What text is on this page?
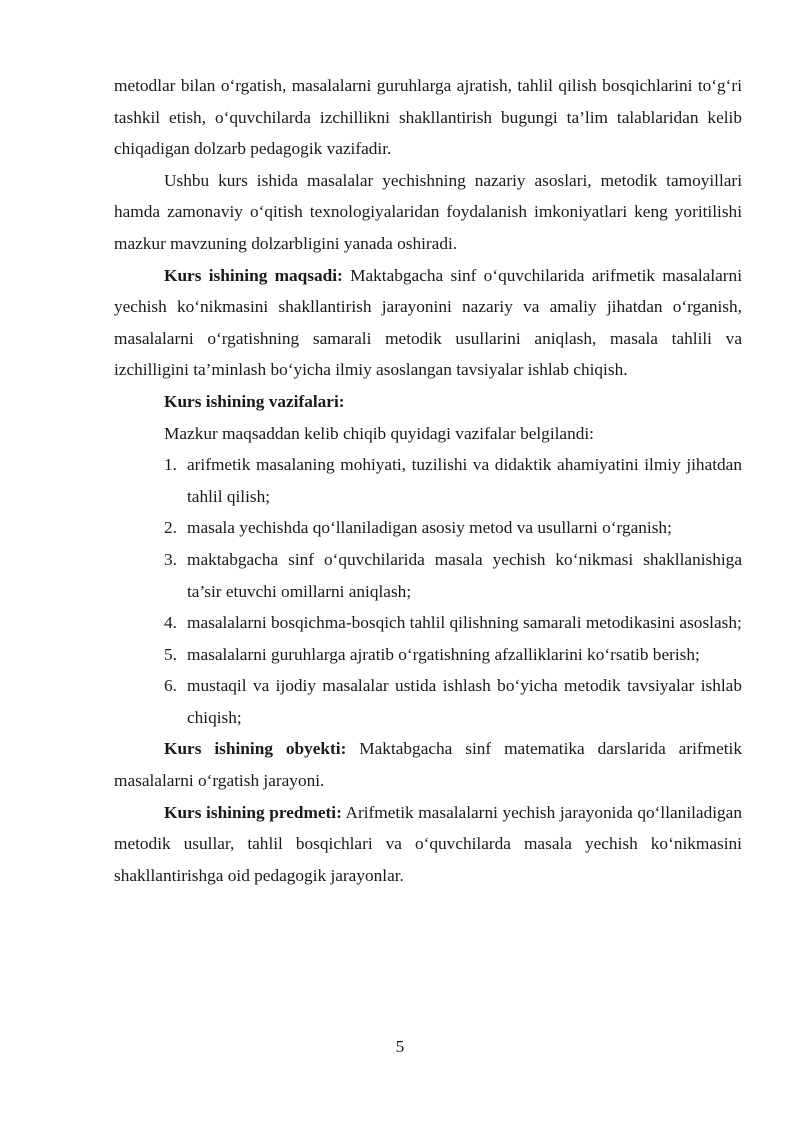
metodlar bilan o‘rgatish, masalalarni guruhlarga ajratish, tahlil qilish bosqichlarini to‘g‘ri tashkil etish, o‘quvchilarda izchillikni shakllantirish bugungi ta’lim talablaridan kelib chiqadigan dolzarb pedagogik vazifadir.

Ushbu kurs ishida masalalar yechishning nazariy asoslari, metodik tamoyillari hamda zamonaviy o‘qitish texnologiyalaridan foydalanish imkoniyatlari keng yoritilishi mazkur mavzuning dolzarbligini yanada oshiradi.

Kurs ishining maqsadi: Maktabgacha sinf o‘quvchilarida arifmetik masalalarni yechish ko‘nikmasini shakllantirish jarayonini nazariy va amaliy jihatdan o‘rganish, masalalarni o‘rgatishning samarali metodik usullarini aniqlash, masala tahlili va izchilligini ta’minlash bo‘yicha ilmiy asoslangan tavsiyalar ishlab chiqish.

Kurs ishining vazifalari:

Mazkur maqsaddan kelib chiqib quyidagi vazifalar belgilandi:

1. arifmetik masalaning mohiyati, tuzilishi va didaktik ahamiyatini ilmiy jihatdan tahlil qilish;
2. masala yechishda qo‘llaniladigan asosiy metod va usullarni o‘rganish;
3. maktabgacha sinf o‘quvchilarida masala yechish ko‘nikmasi shakllanishiga ta’sir etuvchi omillarni aniqlash;
4. masalalarni bosqichma-bosqich tahlil qilishning samarali metodikasini asoslash;
5. masalalarni guruhlarga ajratib o‘rgatishning afzalliklarini ko‘rsatib berish;
6. mustaqil va ijodiy masalalar ustida ishlash bo‘yicha metodik tavsiyalar ishlab chiqish;

Kurs ishining obyekti: Maktabgacha sinf matematika darslarida arifmetik masalalarni o‘rgatish jarayoni.

Kurs ishining predmeti: Arifmetik masalalarni yechish jarayonida qo‘llaniladigan metodik usullar, tahlil bosqichlari va o‘quvchilarda masala yechish ko‘nikmasini shakllantirishga oid pedagogik jarayonlar.

5
